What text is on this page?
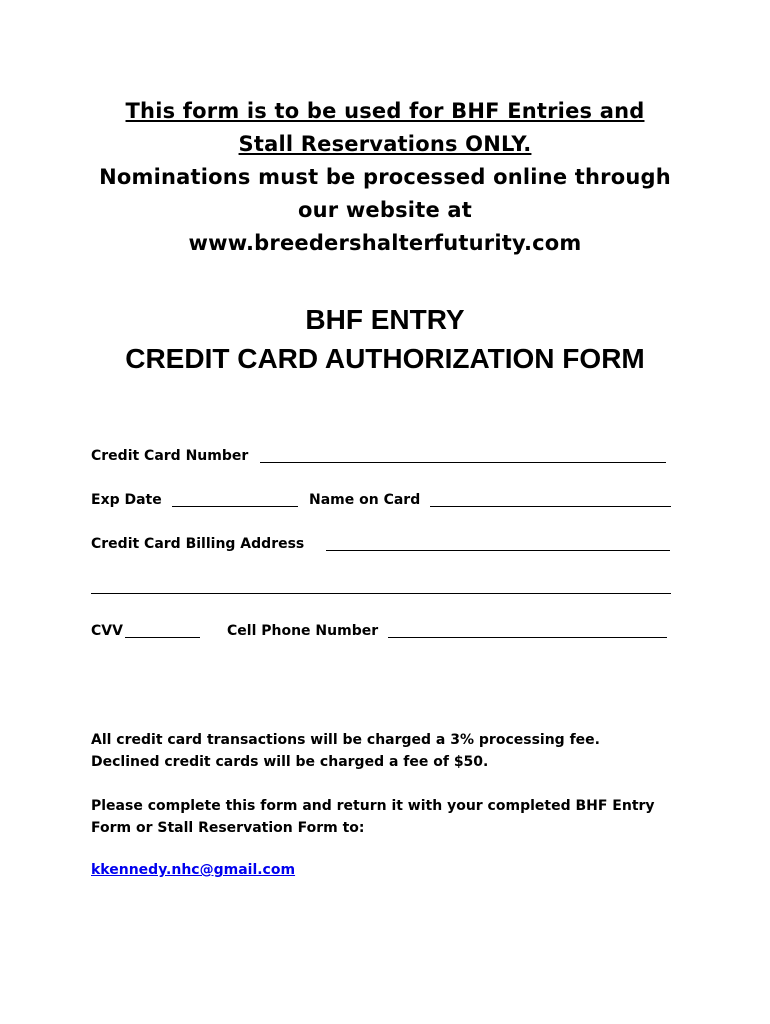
This form is to be used for BHF Entries and
Stall Reservations ONLY.
Nominations must be processed online through
our website at
www.breedershalterfuturity.com
BHF ENTRY
CREDIT CARD AUTHORIZATION FORM
Credit Card Number
Exp Date	Name on Card
Credit Card Billing Address
CVV	Cell Phone Number
All credit card transactions will be charged a 3% processing fee.
Declined credit cards will be charged a fee of $50.
Please complete this form and return it with your completed BHF Entry
Form or Stall Reservation Form to:
kkennedy.nhc@gmail.com
